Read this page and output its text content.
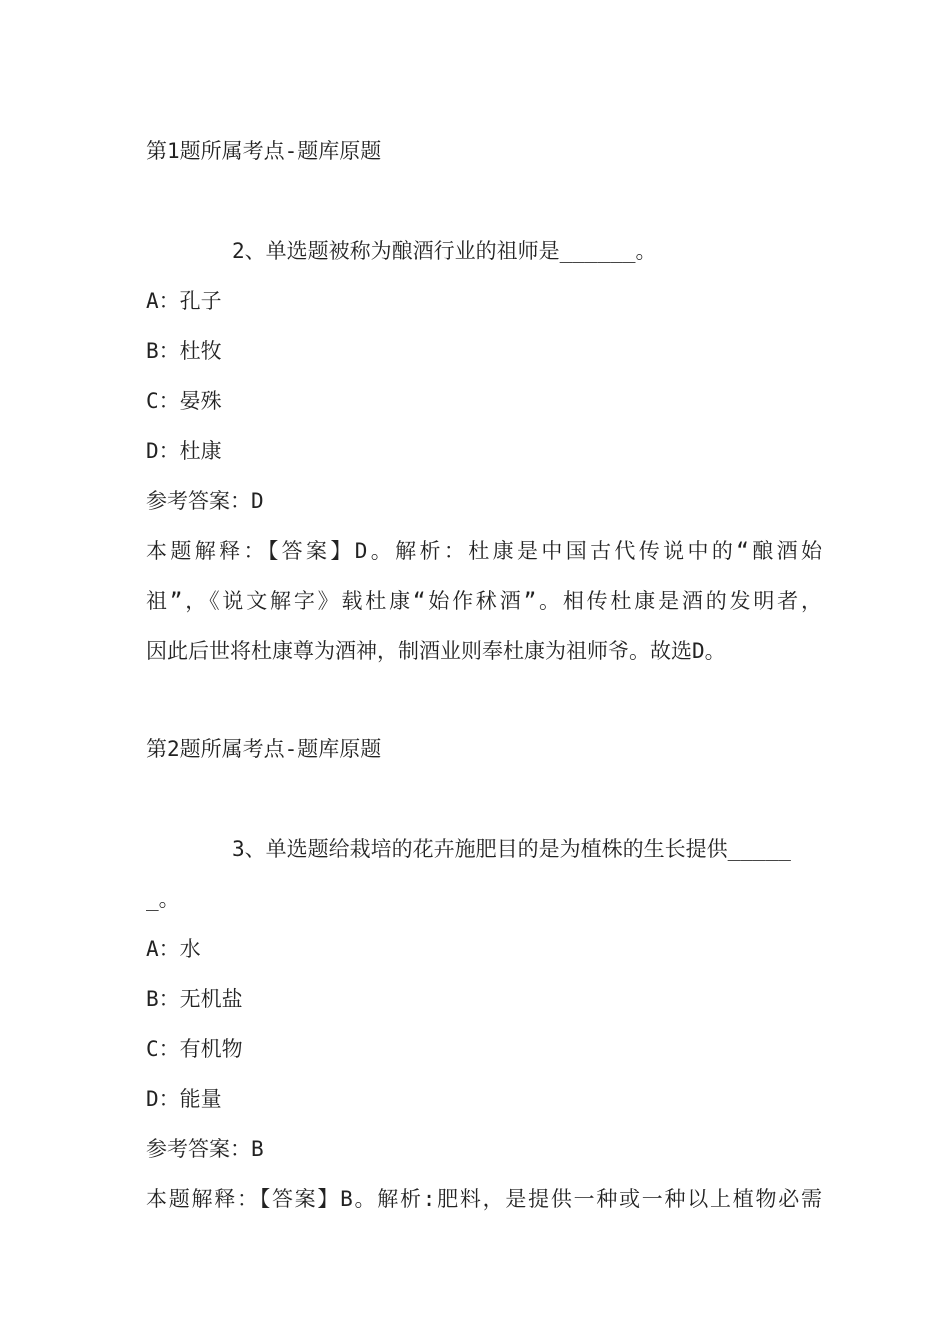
第1题所属考点-题库原题
2、单选题被称为酿酒行业的祖师是______。
A：孔子
B：杜牧
C：晏殊
D：杜康
参考答案：D
本题解释：【答案】D。解析：杜康是中国古代传说中的“酿酒始
祖”，《说文解字》载杜康“始作秫酒”。相传杜康是酒的发明者，
因此后世将杜康尊为酒神，制酒业则奉杜康为祖师爷。故选D。
第2题所属考点-题库原题
3、单选题给栽培的花卉施肥目的是为植株的生长提供_____
_。
A：水
B：无机盐
C：有机物
D：能量
参考答案：B
本题解释：【答案】B。解析:肥料，是提供一种或一种以上植物必需
